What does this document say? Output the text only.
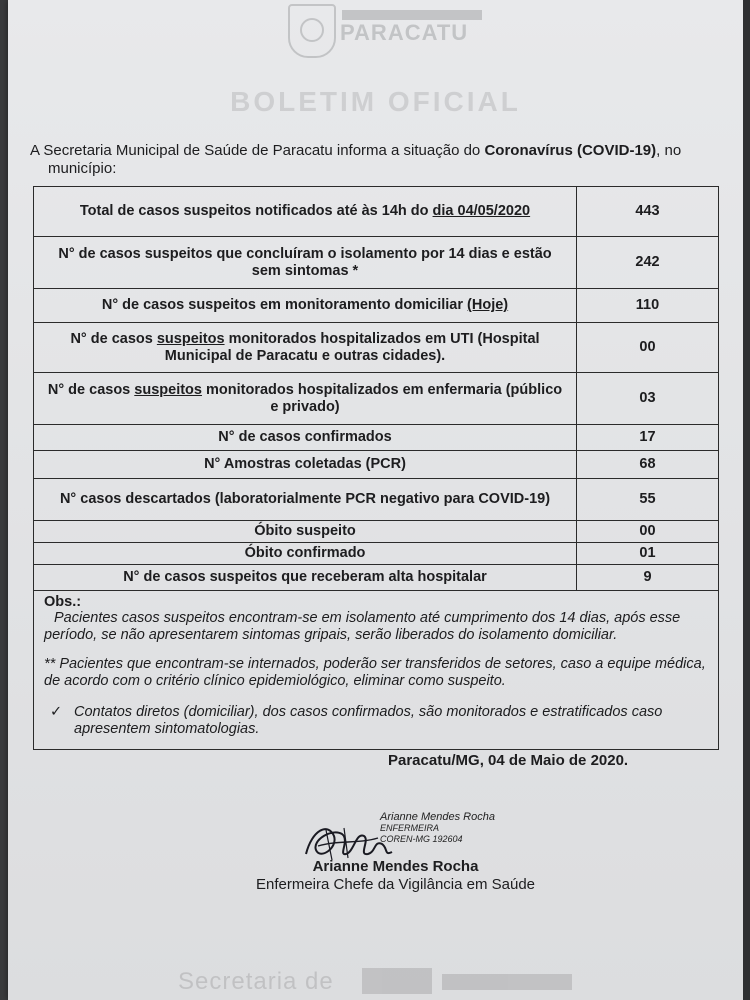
PARACATU
BOLETIM OFICIAL
A Secretaria Municipal de Saúde de Paracatu informa a situação do Coronavírus (COVID-19), no
município:
Total de casos suspeitos notificados até às 14h do dia 04/05/2020	443
N° de casos suspeitos que concluíram o isolamento por 14 dias e estão sem sintomas *	242
N° de casos suspeitos em monitoramento domiciliar (Hoje)	110
N° de casos suspeitos monitorados hospitalizados em UTI (Hospital Municipal de Paracatu e outras cidades).	00
N° de casos suspeitos monitorados hospitalizados em enfermaria (público e privado)	03
N° de casos confirmados	17
N° Amostras coletadas (PCR)	68
N° casos descartados (laboratorialmente PCR negativo para COVID-19)	55
Óbito suspeito	00
Óbito confirmado	01
N° de casos suspeitos que receberam alta hospitalar	9
Obs.:
Pacientes casos suspeitos encontram-se em isolamento até cumprimento dos 14 dias, após esse período, se não apresentarem sintomas gripais, serão liberados do isolamento domiciliar.
** Pacientes que encontram-se internados, poderão ser transferidos de setores, caso a equipe médica, de acordo com o critério clínico epidemiológico, eliminar como suspeito.
✓ Contatos diretos (domiciliar), dos casos confirmados, são monitorados e estratificados caso apresentem sintomatologias.
Paracatu/MG, 04 de Maio de 2020.
Arianne Mendes Rocha
ENFERMEIRA
COREN-MG 192604
Arianne Mendes Rocha
Enfermeira Chefe da Vigilância em Saúde
Secretaria de
